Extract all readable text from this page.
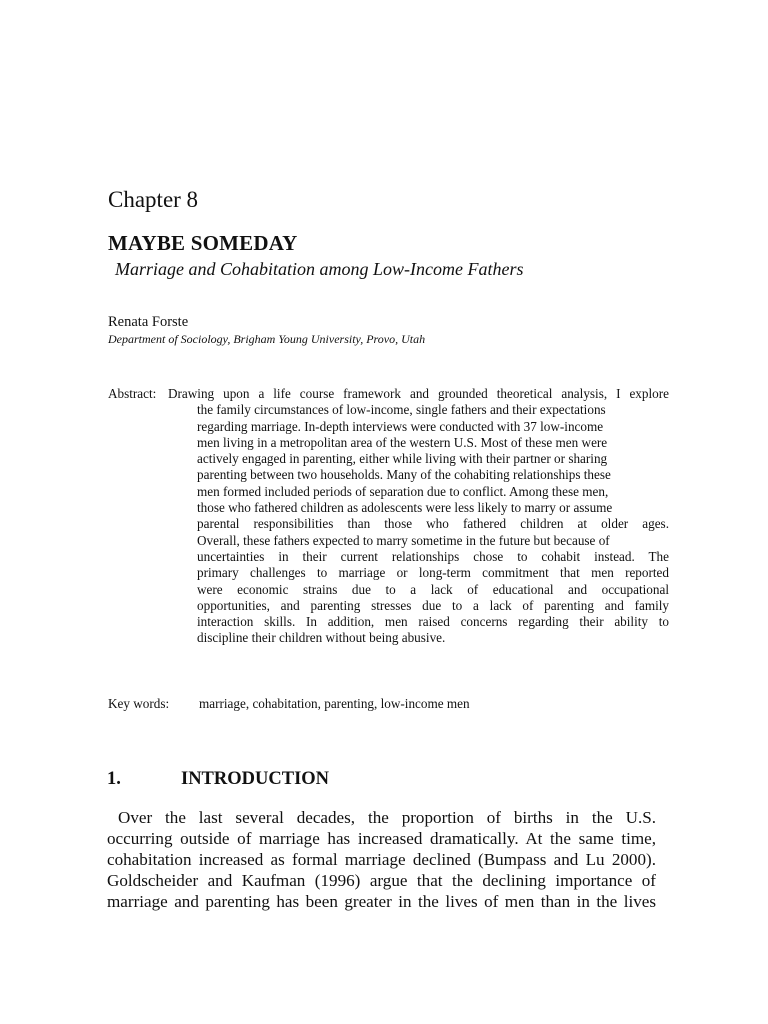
Chapter 8
MAYBE SOMEDAY
Marriage and Cohabitation among Low-Income Fathers
Renata Forste
Department of Sociology, Brigham Young University, Provo, Utah
Abstract: Drawing upon a life course framework and grounded theoretical analysis, I explore
the family circumstances of low-income, single fathers and their expectations
regarding marriage. In-depth interviews were conducted with 37 low-income
men living in a metropolitan area of the western U.S. Most of these men were
actively engaged in parenting, either while living with their partner or sharing
parenting between two households. Many of the cohabiting relationships these
men formed included periods of separation due to conflict. Among these men,
those who fathered children as adolescents were less likely to marry or assume
parental responsibilities than those who fathered children at older ages.
Overall, these fathers expected to marry sometime in the future but because of
uncertainties in their current relationships chose to cohabit instead. The
primary challenges to marriage or long-term commitment that men reported
were economic strains due to a lack of educational and occupational
opportunities, and parenting stresses due to a lack of parenting and family
interaction skills. In addition, men raised concerns regarding their ability to
discipline their children without being abusive.
Key words: marriage, cohabitation, parenting, low-income men
1.	INTRODUCTION
Over the last several decades, the proportion of births in the U.S.
occurring outside of marriage has increased dramatically. At the same time,
cohabitation increased as formal marriage declined (Bumpass and Lu 2000).
Goldscheider and Kaufman (1996) argue that the declining importance of
marriage and parenting has been greater in the lives of men than in the lives
